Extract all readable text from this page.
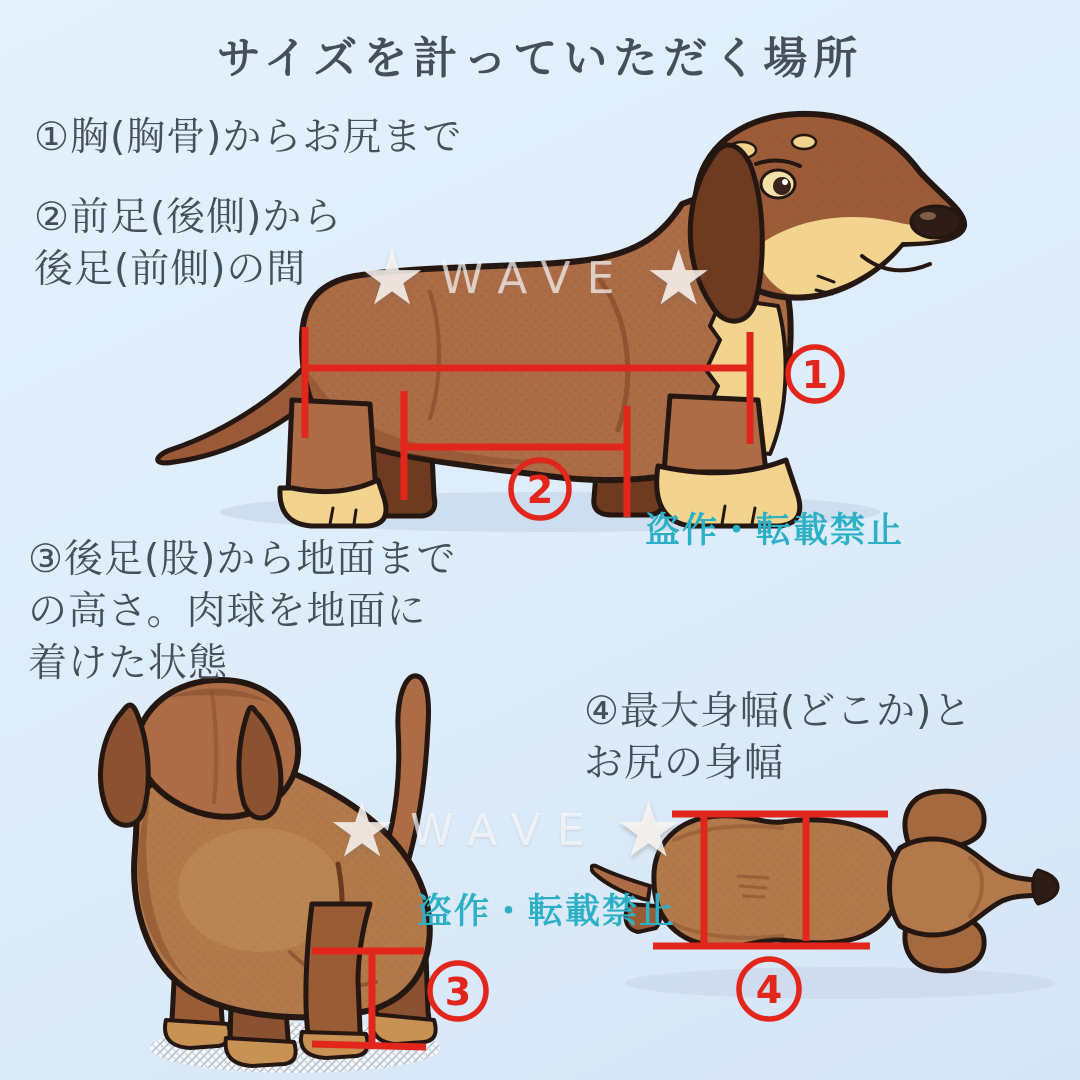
★ WAVE ★
★ WAVE ★
盗作・転載禁止
盗作・転載禁止
1
2
3	4
サイズを計っていただく場所
①胸(胸骨)からお尻まで
②前足(後側)から
後足(前側)の間
③後足(股)から地面まで
の高さ。肉球を地面に
着けた状態
④最大身幅(どこか)と
お尻の身幅
